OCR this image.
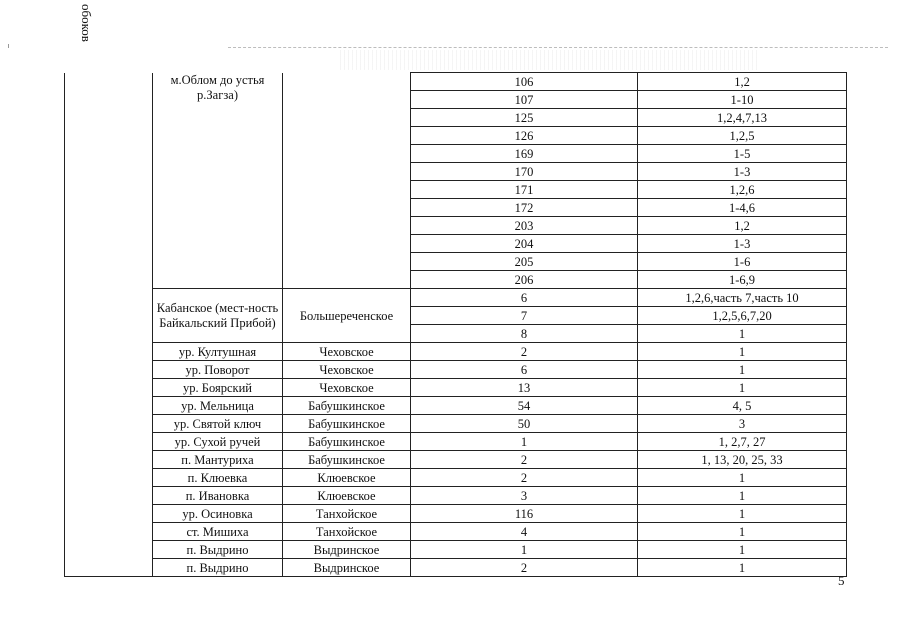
обоков
	м.Облом до устья р.Загза)		106	1,2
			107	1-10
			125	1,2,4,7,13
			126	1,2,5
			169	1-5
			170	1-3
			171	1,2,6
			172	1-4,6
			203	1,2
			204	1-3
			205	1-6
			206	1-6,9
	Кабанское (мест-ность Байкальский Прибой)	Большереченское	6	1,2,6,часть 7,часть 10
			7	1,2,5,6,7,20
			8	1
	ур. Култушная	Чеховское	2	1
	ур. Поворот	Чеховское	6	1
	ур. Боярский	Чеховское	13	1
	ур. Мельница	Бабушкинское	54	4, 5
	ур. Святой ключ	Бабушкинское	50	3
	ур. Сухой ручей	Бабушкинское	1	1, 2,7, 27
	п. Мантуриха	Бабушкинское	2	1, 13, 20, 25, 33
	п. Клюевка	Клюевское	2	1
	п. Ивановка	Клюевское	3	1
	ур. Осиновка	Танхойское	116	1
	ст. Мишиха	Танхойское	4	1
	п. Выдрино	Выдринское	1	1
	п. Выдрино	Выдринское	2	1
5
